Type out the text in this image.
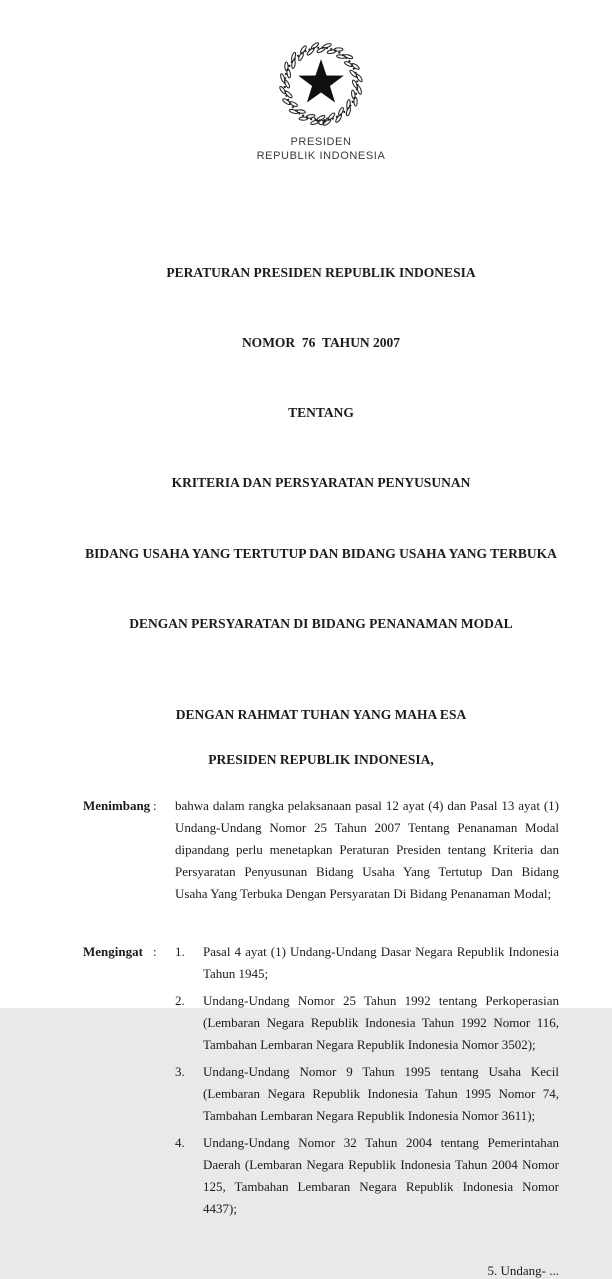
PRESIDEN
REPUBLIK INDONESIA

PERATURAN PRESIDEN REPUBLIK INDONESIA

NOMOR  76  TAHUN 2007

TENTANG

KRITERIA DAN PERSYARATAN PENYUSUNAN

BIDANG USAHA YANG TERTUTUP DAN BIDANG USAHA YANG TERBUKA

DENGAN PERSYARATAN DI BIDANG PENANAMAN MODAL

DENGAN RAHMAT TUHAN YANG MAHA ESA
PRESIDEN REPUBLIK INDONESIA,
Menimbang :	bahwa dalam rangka pelaksanaan pasal 12 ayat (4) dan Pasal 13 ayat (1)
Undang-Undang Nomor 25 Tahun 2007 Tentang Penanaman Modal
dipandang perlu menetapkan Peraturan Presiden tentang Kriteria dan
Persyaratan Penyusunan Bidang Usaha Yang Tertutup Dan Bidang
Usaha Yang Terbuka Dengan Persyaratan Di Bidang Penanaman Modal;
Mengingat :	1.	Pasal 4 ayat (1) Undang-Undang Dasar Negara Republik Indonesia
Tahun 1945;
2.	Undang-Undang Nomor 25 Tahun 1992 tentang Perkoperasian
(Lembaran Negara Republik Indonesia Tahun 1992 Nomor 116,
Tambahan Lembaran Negara Republik Indonesia Nomor 3502);
3.	Undang-Undang Nomor 9 Tahun 1995 tentang Usaha Kecil
(Lembaran Negara Republik Indonesia Tahun 1995 Nomor 74,
Tambahan Lembaran Negara Republik Indonesia Nomor 3611);
4.	Undang-Undang Nomor 32 Tahun 2004 tentang Pemerintahan
Daerah (Lembaran Negara Republik Indonesia Tahun 2004 Nomor
125, Tambahan Lembaran Negara Republik Indonesia Nomor
4437);
5. Undang- ...
